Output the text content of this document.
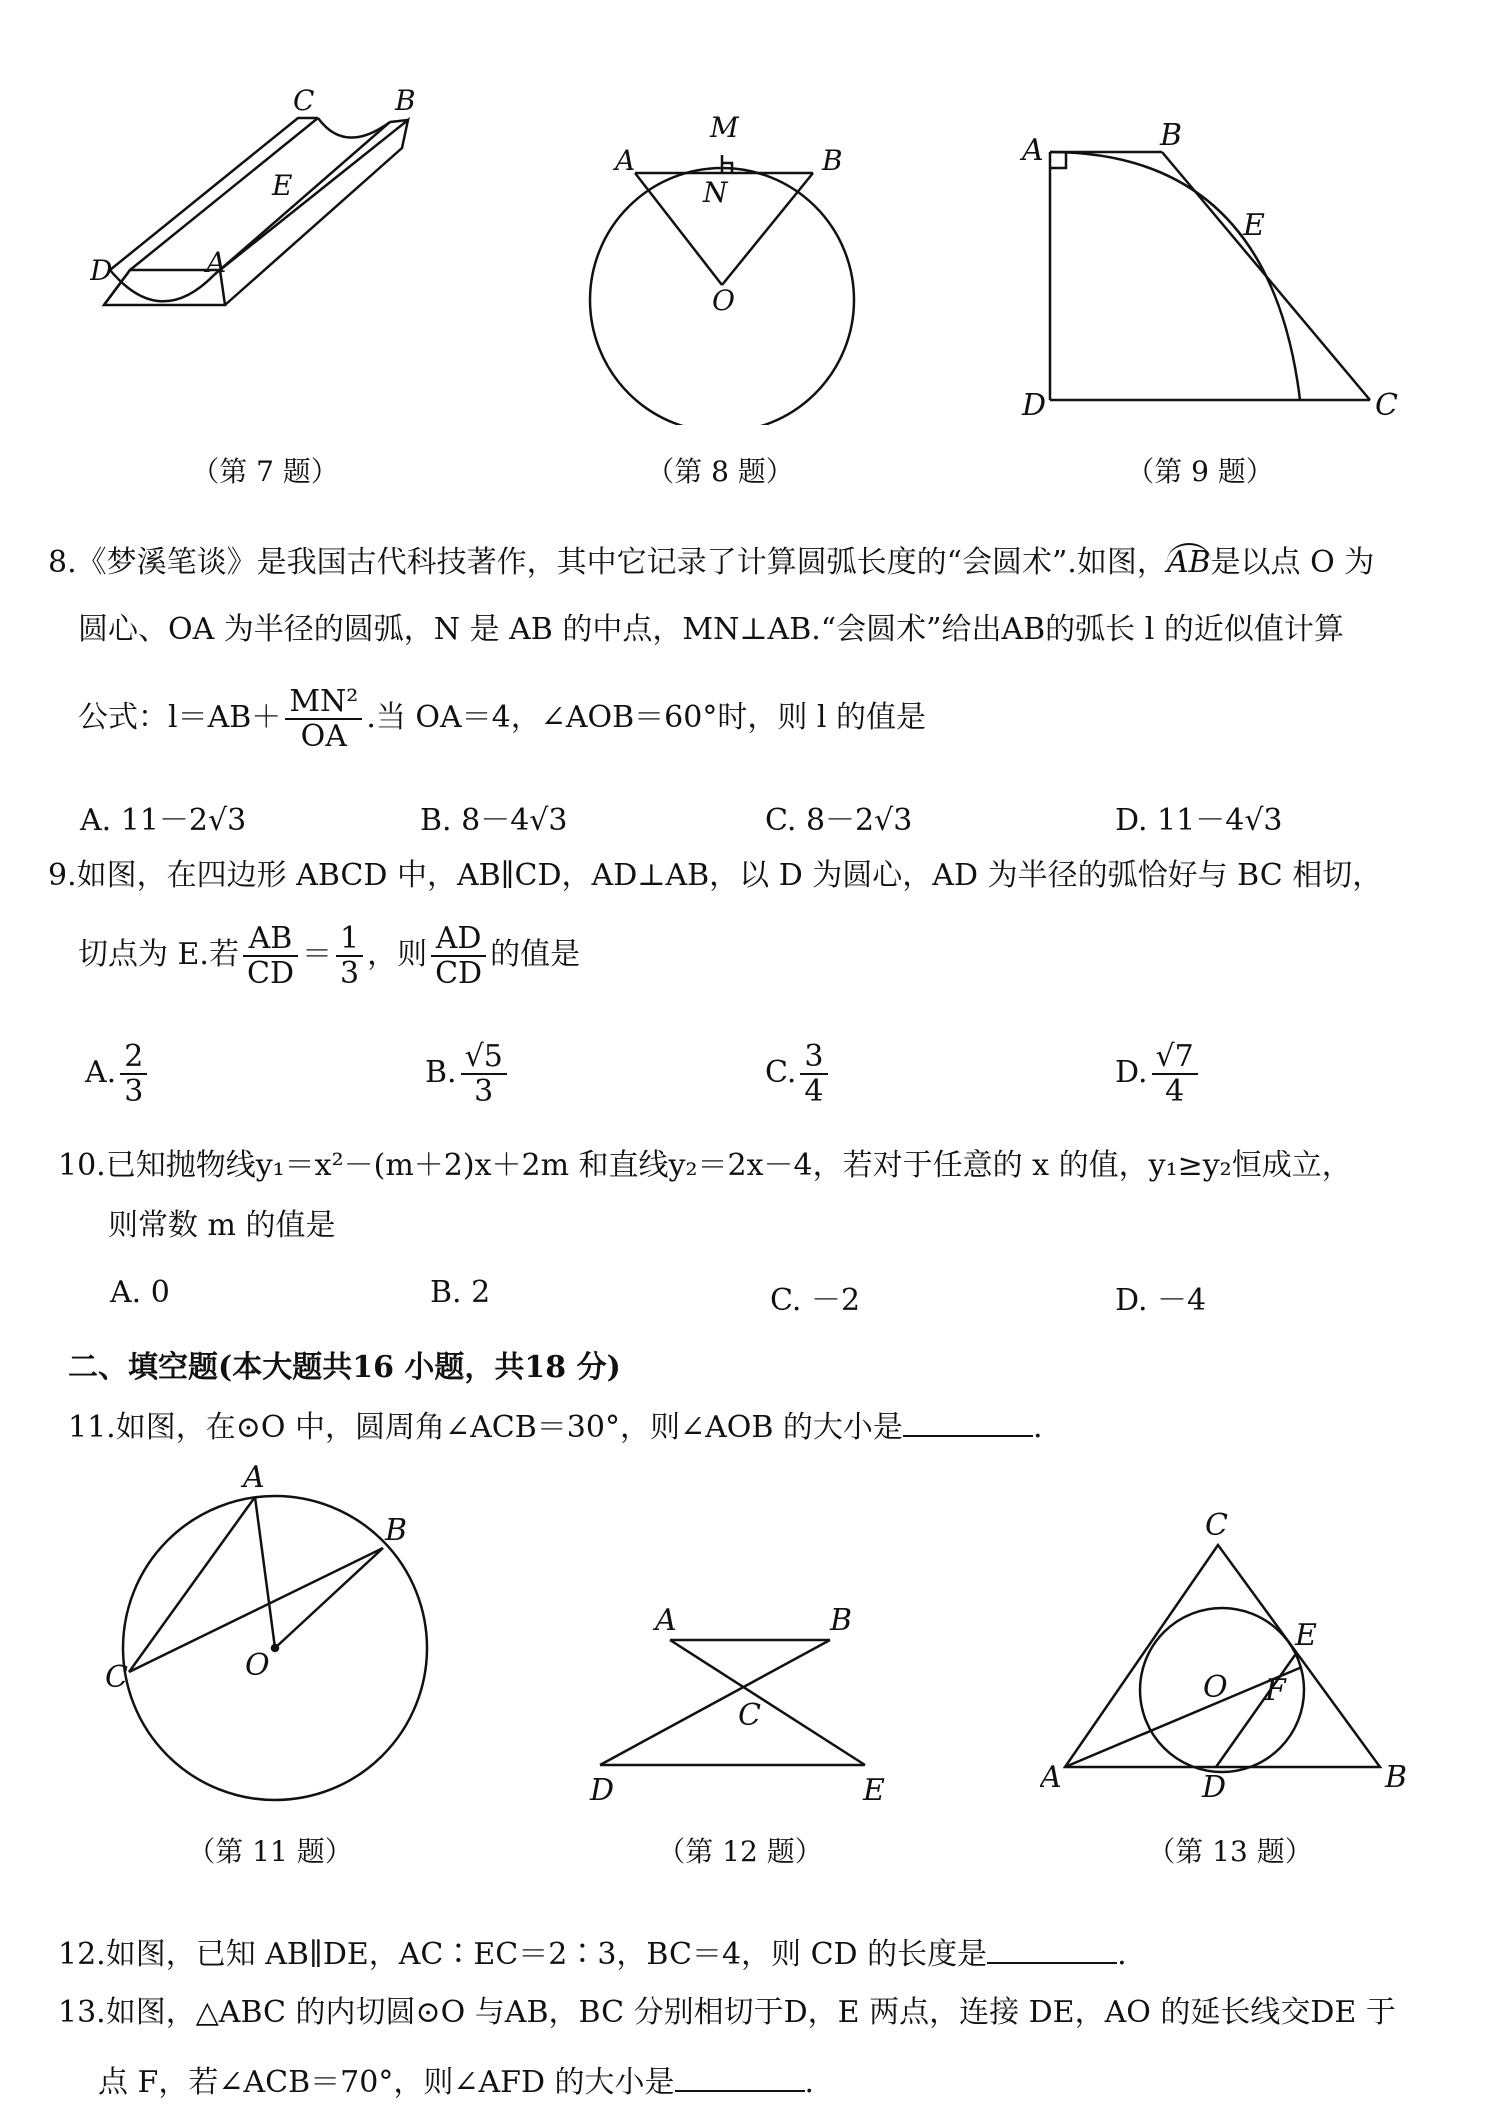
C	B
E
D	A
（第 7 题）
M
A	B
N
O
（第 8 题）
A	B
E
D	C
（第 9 题）
8.《梦溪笔谈》是我国古代科技著作，其中它记录了计算圆弧长度的“会圆术”.如图，AB是以点 O 为
圆心、OA 为半径的圆弧，N 是 AB 的中点，MN⊥AB.“会圆术”给出AB的弧长 l 的近似值计算
公式：$l=AB+ \frac{\text{MN²}}{OA}$ .当 OA＝4，∠AOB＝60°时，则 l 的值是
A. 11－2√3	B. 8－4√3	C. 8－2√3	D. 11－4√3
9.如图，在四边形 ABCD 中，AB∥CD，AD⊥AB，以 D 为圆心，AD 为半径的弧恰好与 BC 相切，
切点为 E.若 $\frac{AB}{CD} = \frac{1}{3}$ ，则 $\frac{AD}{CD}$ 的值是
A. $\frac{2}{3}$	B. $\frac{√5}{3}$	C. $\frac{3}{4}$	D. $\frac{√7}{4}$
10.已知抛物线y₁＝x²－(m＋2)x＋2m 和直线y₂＝2x－4，若对于任意的 x 的值，y₁≥y₂恒成立，
则常数 m 的值是
A. 0	B. 2	C. －2	D. －4
二、填空题(本大题共16 小题，共18 分)
11.如图，在⊙O 中，圆周角∠ACB＝30°，则∠AOB 的大小是	.
A
B
C	O
（第 11 题）
A	B
C
D	E
（第 12 题）
C
E
O F
A	D	B
（第 13 题）
12.如图，已知 AB∥DE，AC∶EC＝2∶3，BC＝4，则 CD 的长度是	.
13.如图，△ABC 的内切圆⊙O 与AB，BC 分别相切于D，E 两点，连接 DE，AO 的延长线交DE 于
点 F，若∠ACB＝70°，则∠AFD 的大小是	.
